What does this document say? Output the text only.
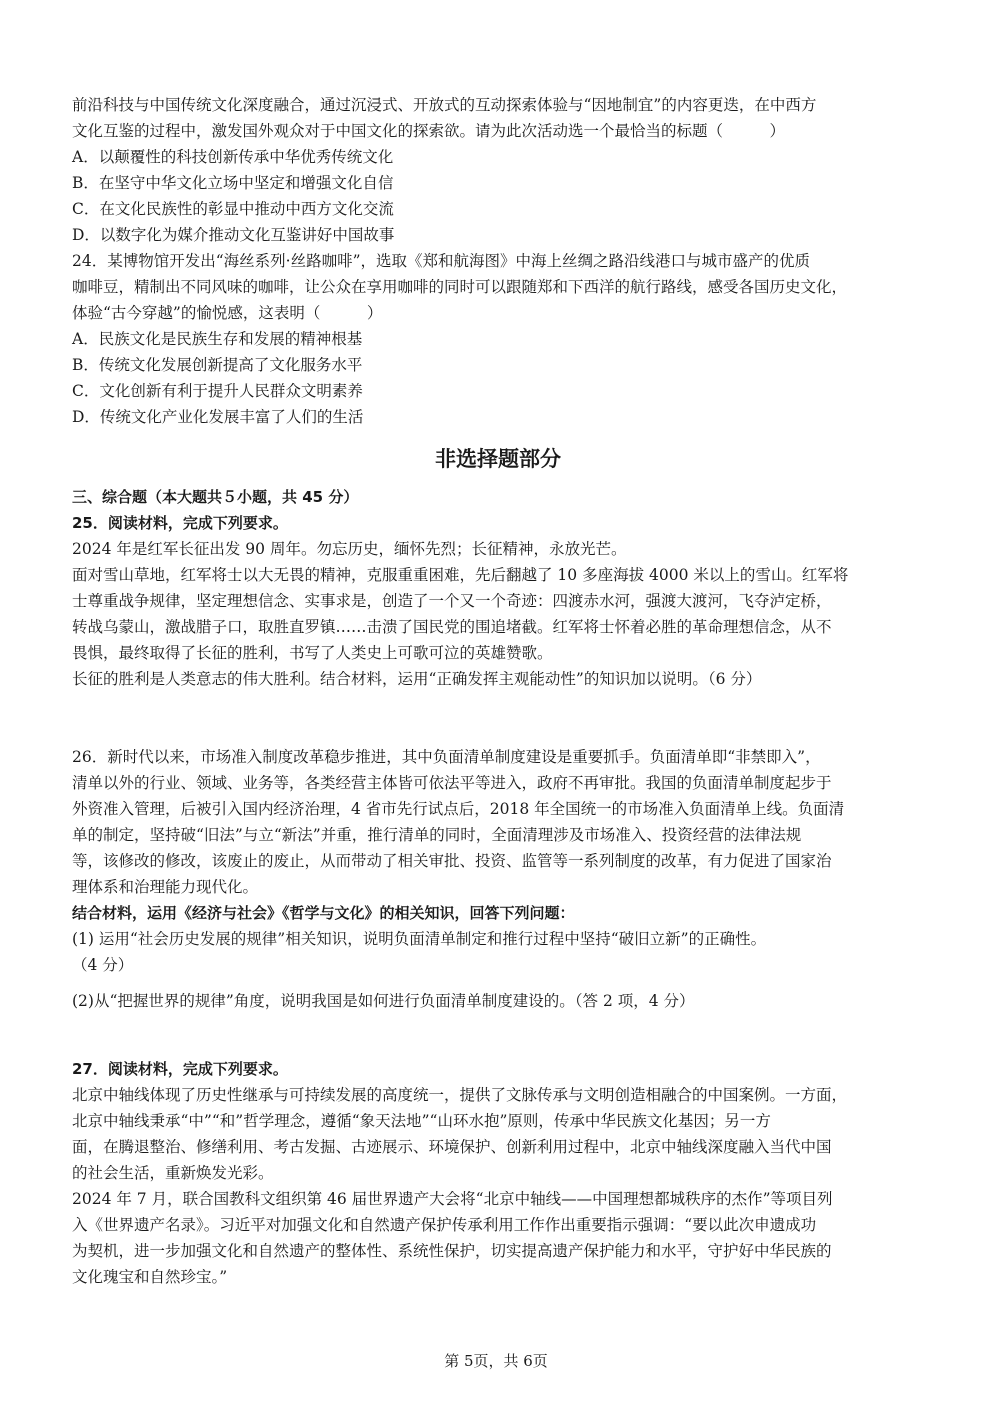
前沿科技与中国传统文化深度融合，通过沉浸式、开放式的互动探索体验与“因地制宜”的内容更迭，在中西方

文化互鉴的过程中，激发国外观众对于中国文化的探索欲。请为此次活动选一个最恰当的标题（　　　）

A．以颠覆性的科技创新传承中华优秀传统文化

B．在坚守中华文化立场中坚定和增强文化自信

C．在文化民族性的彰显中推动中西方文化交流

D．以数字化为媒介推动文化互鉴讲好中国故事

24．某博物馆开发出“海丝系列·丝路咖啡”，选取《郑和航海图》中海上丝绸之路沿线港口与城市盛产的优质

咖啡豆，精制出不同风味的咖啡，让公众在享用咖啡的同时可以跟随郑和下西洋的航行路线，感受各国历史文化，

体验“古今穿越”的愉悦感，这表明（　　　）

A．民族文化是民族生存和发展的精神根基

B．传统文化发展创新提高了文化服务水平

C．文化创新有利于提升人民群众文明素养

D．传统文化产业化发展丰富了人们的生活

非选择题部分

三、综合题（本大题共５小题，共 45 分）

25．阅读材料，完成下列要求。

2024 年是红军长征出发 90 周年。勿忘历史，缅怀先烈；长征精神，永放光芒。

面对雪山草地，红军将士以大无畏的精神，克服重重困难，先后翻越了 10 多座海拔 4000 米以上的雪山。红军将

士尊重战争规律，坚定理想信念、实事求是，创造了一个又一个奇迹：四渡赤水河，强渡大渡河，飞夺泸定桥，

转战乌蒙山，激战腊子口，取胜直罗镇……击溃了国民党的围追堵截。红军将士怀着必胜的革命理想信念，从不

畏惧，最终取得了长征的胜利，书写了人类史上可歌可泣的英雄赞歌。

长征的胜利是人类意志的伟大胜利。结合材料，运用“正确发挥主观能动性”的知识加以说明。（6 分）

26．新时代以来，市场准入制度改革稳步推进，其中负面清单制度建设是重要抓手。负面清单即“非禁即入”，

清单以外的行业、领域、业务等，各类经营主体皆可依法平等进入，政府不再审批。我国的负面清单制度起步于

外资准入管理，后被引入国内经济治理，4 省市先行试点后，2018 年全国统一的市场准入负面清单上线。负面清

单的制定，坚持破“旧法”与立“新法”并重，推行清单的同时，全面清理涉及市场准入、投资经营的法律法规

等，该修改的修改，该废止的废止，从而带动了相关审批、投资、监管等一系列制度的改革，有力促进了国家治

理体系和治理能力现代化。

结合材料，运用《经济与社会》《哲学与文化》的相关知识，回答下列问题：

(1) 运用“社会历史发展的规律”相关知识，说明负面清单制定和推行过程中坚持“破旧立新”的正确性。

（4 分）

(2)从“把握世界的规律”角度，说明我国是如何进行负面清单制度建设的。（答 2 项，4 分）

27．阅读材料，完成下列要求。

北京中轴线体现了历史性继承与可持续发展的高度统一，提供了文脉传承与文明创造相融合的中国案例。一方面，

北京中轴线秉承“中”“和”哲学理念，遵循“象天法地”“山环水抱”原则，传承中华民族文化基因；另一方

面，在腾退整治、修缮利用、考古发掘、古迹展示、环境保护、创新利用过程中，北京中轴线深度融入当代中国

的社会生活，重新焕发光彩。

2024 年 7 月，联合国教科文组织第 46 届世界遗产大会将“北京中轴线——中国理想都城秩序的杰作”等项目列

入《世界遗产名录》。习近平对加强文化和自然遗产保护传承利用工作作出重要指示强调：“要以此次申遗成功

为契机，进一步加强文化和自然遗产的整体性、系统性保护，切实提高遗产保护能力和水平，守护好中华民族的

文化瑰宝和自然珍宝。”

第 5页，共 6页
